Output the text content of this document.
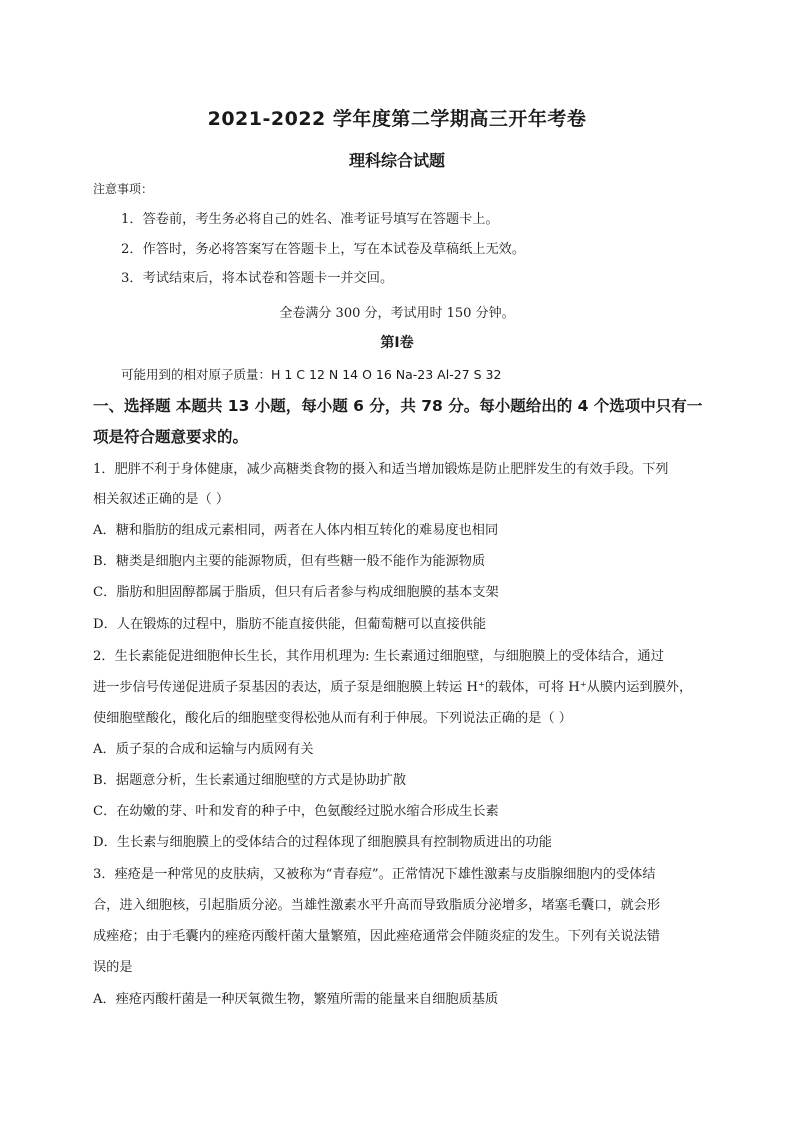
2021-2022 学年度第二学期高三开年考卷
理科综合试题
注意事项：
1．答卷前，考生务必将自己的姓名、准考证号填写在答题卡上。
2．作答时，务必将答案写在答题卡上，写在本试卷及草稿纸上无效。
3．考试结束后，将本试卷和答题卡一并交回。
全卷满分 300 分，考试用时 150 分钟。
第Ⅰ卷
可能用到的相对原子质量：H 1 C 12 N 14 O 16 Na-23 Al-27 S 32
一、选择题 本题共 13 小题，每小题 6 分，共 78 分。每小题给出的 4 个选项中只有一
项是符合题意要求的。
1．肥胖不利于身体健康，减少高糖类食物的摄入和适当增加锻炼是防止肥胖发生的有效手段。下列
相关叙述正确的是（ ）
A．糖和脂肪的组成元素相同，两者在人体内相互转化的难易度也相同
B．糖类是细胞内主要的能源物质，但有些糖一般不能作为能源物质
C．脂肪和胆固醇都属于脂质，但只有后者参与构成细胞膜的基本支架
D．人在锻炼的过程中，脂肪不能直接供能，但葡萄糖可以直接供能
2．生长素能促进细胞伸长生长，其作用机理为: 生长素通过细胞壁，与细胞膜上的受体结合，通过
进一步信号传递促进质子泵基因的表达，质子泵是细胞膜上转运 H⁺的载体，可将 H⁺从膜内运到膜外，
使细胞壁酸化，酸化后的细胞壁变得松弛从而有利于伸展。下列说法正确的是（ ）
A．质子泵的合成和运输与内质网有关
B．据题意分析，生长素通过细胞壁的方式是协助扩散
C．在幼嫩的芽、叶和发育的种子中，色氨酸经过脱水缩合形成生长素
D．生长素与细胞膜上的受体结合的过程体现了细胞膜具有控制物质进出的功能
3．痤疮是一种常见的皮肤病，又被称为“青春痘”。正常情况下雄性激素与皮脂腺细胞内的受体结
合，进入细胞核，引起脂质分泌。当雄性激素水平升高而导致脂质分泌增多，堵塞毛囊口，就会形
成痤疮；由于毛囊内的痤疮丙酸杆菌大量繁殖，因此痤疮通常会伴随炎症的发生。下列有关说法错
误的是
A．痤疮丙酸杆菌是一种厌氧微生物，繁殖所需的能量来自细胞质基质
